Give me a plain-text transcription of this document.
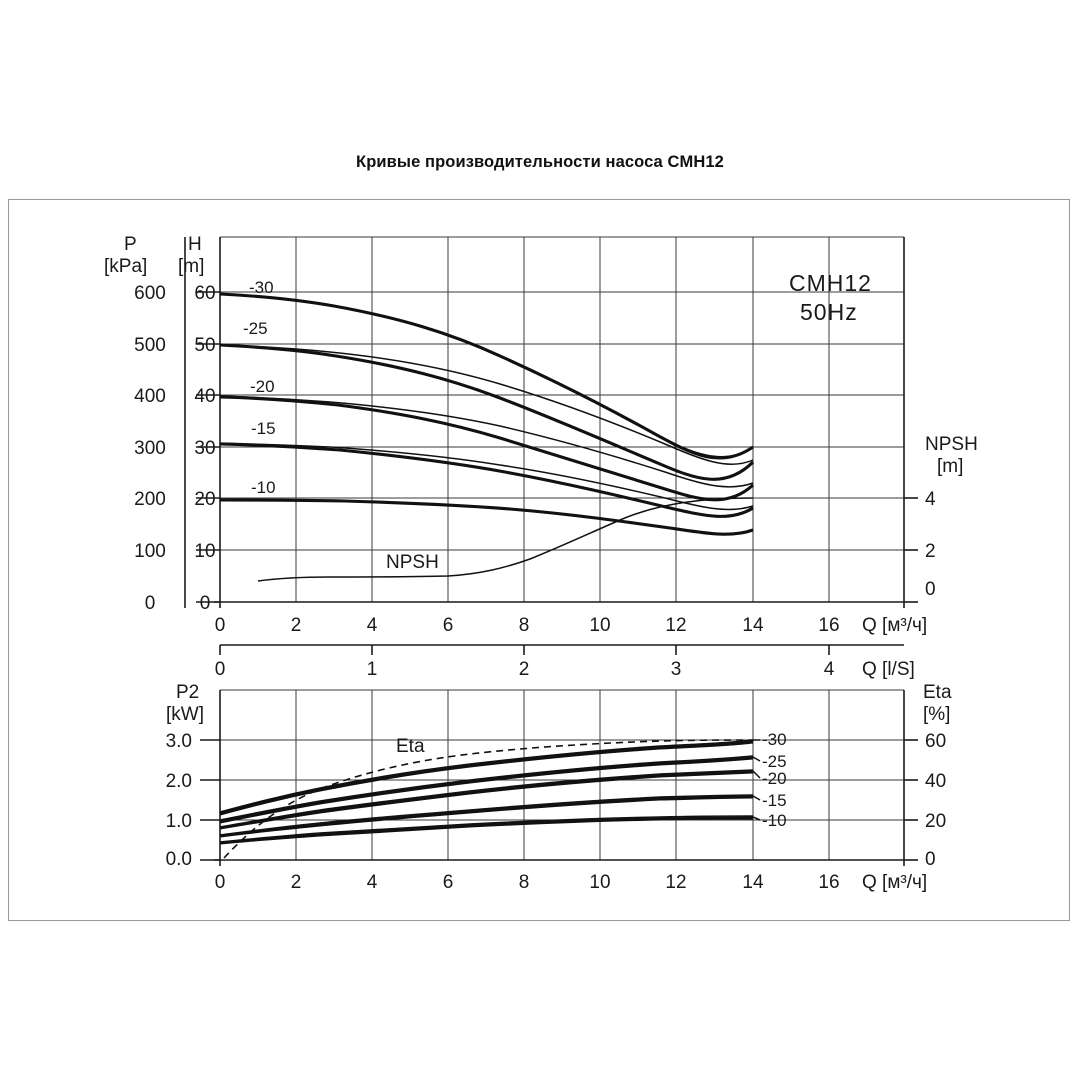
Кривые производительности насоса CMH12
P
[kPa]
H
[m]
600
500
400
300
200
100
0
60
50
40
30
20
10
0
0	2	4	6	8	10	12	14	16 Q [м³/ч]
0	1	2	3	4 Q [l/S]
NPSH
[m]
4
2
0
CMH12
50Hz
NPSH
-30
-25
-20
-15
-10
P2
[kW]
3.0
2.0
1.0
0.0
Eta
[%]
60
40
20
0
0	2	4	6	8	10	12	14	16 Q [м³/ч]
Eta	-30
-25
-20
-15
-10
